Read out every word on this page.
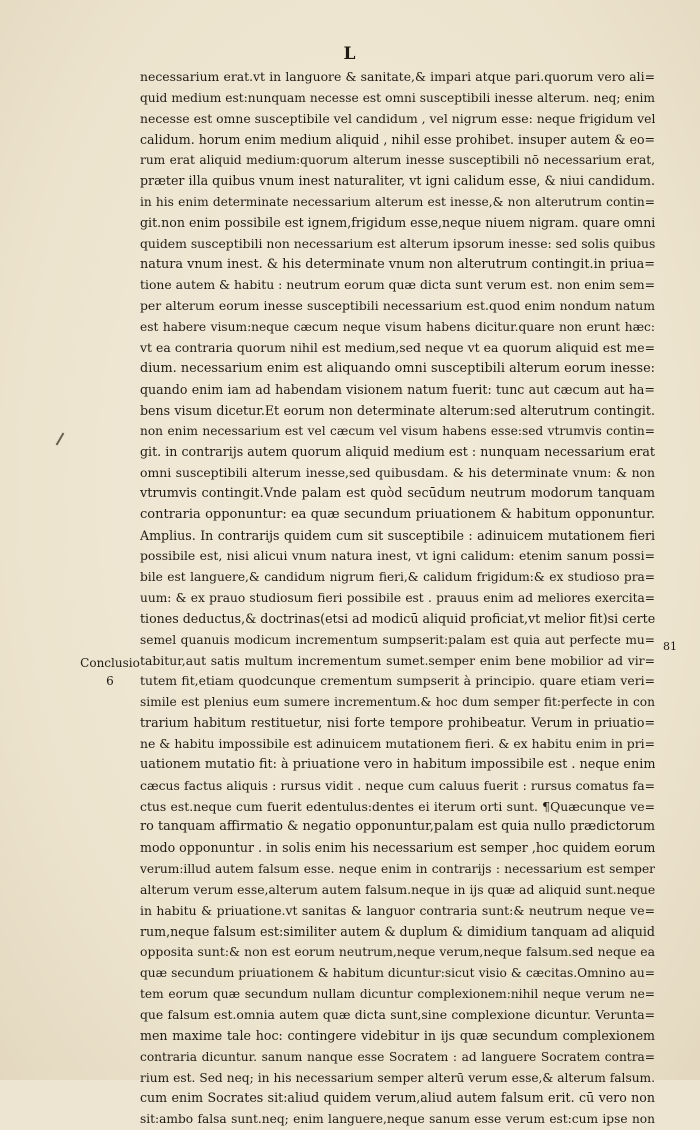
L
necessarium erat.vt in languore & sanitate,& impari atque pari.quorum vero ali=
quid medium est:nunquam necesse est omni susceptibili inesse alterum. neq; enim
necesse est omne susceptibile vel candidum , vel nigrum esse: neque frigidum vel
calidum. horum enim medium aliquid , nihil esse prohibet. insuper autem & eo=
rum erat aliquid medium:quorum alterum inesse susceptibili nō necessarium erat,
præter illa quibus vnum inest naturaliter, vt igni calidum esse, & niui candidum.
in his enim determinate necessarium alterum est inesse,& non alterutrum contin=
git.non enim possibile est ignem,frigidum esse,neque niuem nigram. quare omni
quidem susceptibili non necessarium est alterum ipsorum inesse: sed solis quibus
natura vnum inest. & his determinate vnum non alterutrum contingit.in priua=
tione autem & habitu : neutrum eorum quæ dicta sunt verum est. non enim sem=
per alterum eorum inesse susceptibili necessarium est.quod enim nondum natum
est habere visum:neque cæcum neque visum habens dicitur.quare non erunt hæc:
vt ea contraria quorum nihil est medium,sed neque vt ea quorum aliquid est me=
dium. necessarium enim est aliquando omni susceptibili alterum eorum inesse:
quando enim iam ad habendam visionem natum fuerit: tunc aut cæcum aut ha=
bens visum dicetur.Et eorum non determinate alterum:sed alterutrum contingit.
non enim necessarium est vel cæcum vel visum habens esse:sed vtrumvis contin=
git. in contrarijs autem quorum aliquid medium est : nunquam necessarium erat
omni susceptibili alterum inesse,sed quibusdam. & his determinate vnum: & non
vtrumvis contingit.Vnde palam est quòd secūdum neutrum modorum tanquam
contraria opponuntur: ea quæ secundum priuationem & habitum opponuntur.
Amplius. In contrarijs quidem cum sit susceptibile : adinuicem mutationem fieri
possibile est, nisi alicui vnum natura inest, vt igni calidum: etenim sanum possi=
bile est languere,& candidum nigrum fieri,& calidum frigidum:& ex studioso pra=
uum: & ex prauo studiosum fieri possibile est . prauus enim ad meliores exercita=
tiones deductus,& doctrinas(etsi ad modicū aliquid proficiat,vt melior fit)si certe
semel quanuis modicum incrementum sumpserit:palam est quia aut perfecte mu=
tabitur,aut satis multum incrementum sumet.semper enim bene mobilior ad vir=
tutem fit,etiam quodcunque crementum sumpserit à principio. quare etiam veri=
simile est plenius eum sumere incrementum.& hoc dum semper fit:perfecte in con
trarium habitum restituetur, nisi forte tempore prohibeatur. Verum in priuatio=
ne & habitu impossibile est adinuicem mutationem fieri. & ex habitu enim in pri=
uationem mutatio fit: à priuatione vero in habitum impossibile est . neque enim
cæcus factus aliquis : rursus vidit . neque cum caluus fuerit : rursus comatus fa=
ctus est.neque cum fuerit edentulus:dentes ei iterum orti sunt. ¶Quæcunque ve=
ro tanquam affirmatio & negatio opponuntur,palam est quia nullo prædictorum
modo opponuntur . in solis enim his necessarium est semper ,hoc quidem eorum
verum:illud autem falsum esse. neque enim in contrarijs : necessarium est semper
alterum verum esse,alterum autem falsum.neque in ijs quæ ad aliquid sunt.neque
in habitu & priuatione.vt sanitas & languor contraria sunt:& neutrum neque ve=
rum,neque falsum est:similiter autem & duplum & dimidium tanquam ad aliquid
opposita sunt:& non est eorum neutrum,neque verum,neque falsum.sed neque ea
quæ secundum priuationem & habitum dicuntur:sicut visio & cæcitas.Omnino au=
tem eorum quæ secundum nullam dicuntur complexionem:nihil neque verum ne=
que falsum est.omnia autem quæ dicta sunt,sine complexione dicuntur. Verunta=
men maxime tale hoc: contingere videbitur in ijs quæ secundum complexionem
contraria dicuntur. sanum nanque esse Socratem : ad languere Socratem contra=
rium est. Sed neq; in his necessarium semper alterū verum esse,& alterum falsum.
cum enim Socrates sit:aliud quidem verum,aliud autem falsum erit. cū vero non
sit:ambo falsa sunt.neq; enim languere,neque sanum esse verum est:cum ipse non
Conclusio
6
81
